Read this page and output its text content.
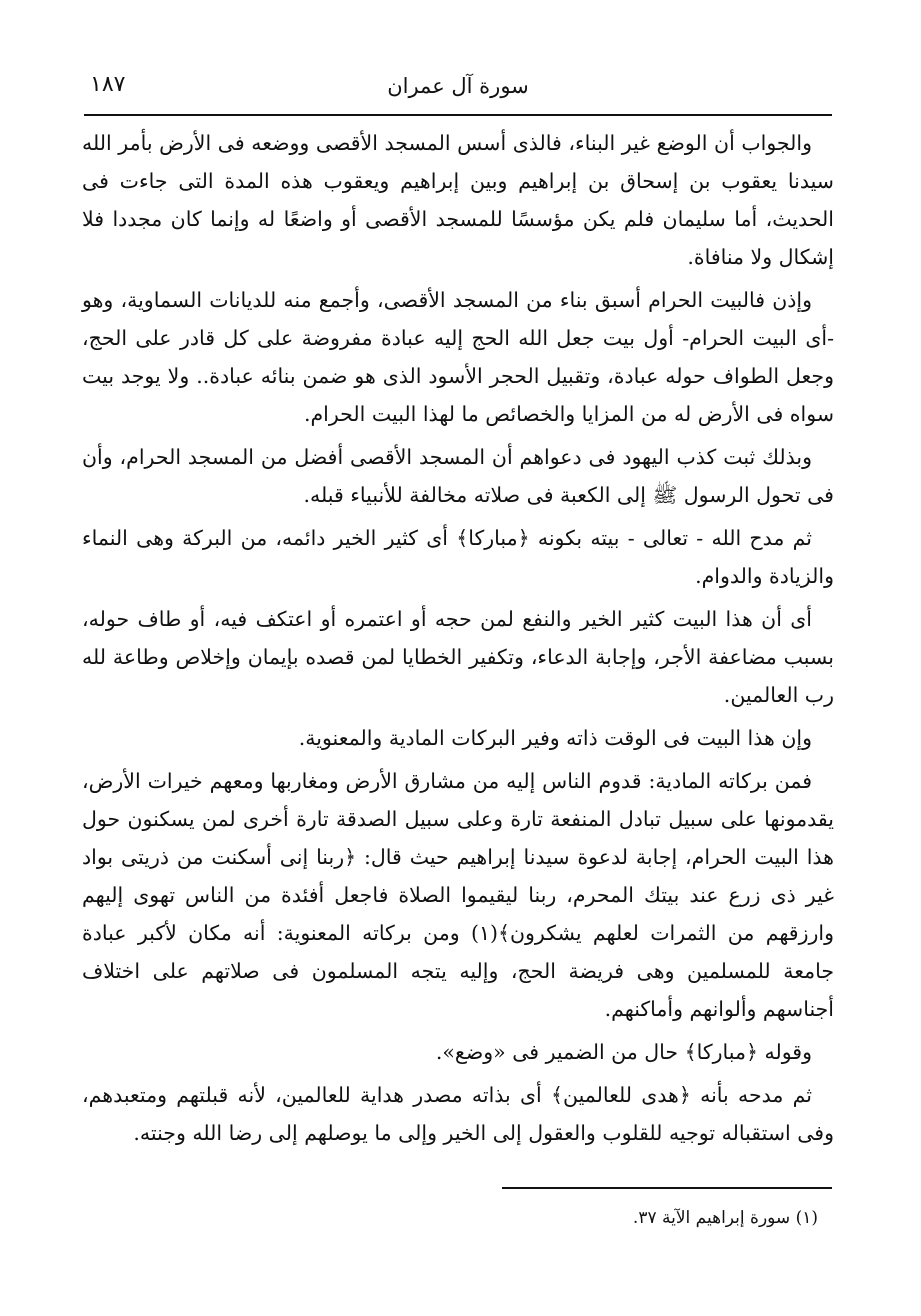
سورة آل عمران
١٨٧

والجواب أن الوضع غير البناء، فالذى أسس المسجد الأقصى ووضعه فى الأرض بأمر الله سيدنا يعقوب بن إسحاق بن إبراهيم وبين إبراهيم ويعقوب هذه المدة التى جاءت فى الحديث، أما سليمان فلم يكن مؤسسًا للمسجد الأقصى أو واضعًا له وإنما كان مجددا فلا إشكال ولا منافاة.

وإذن فالبيت الحرام أسبق بناء من المسجد الأقصى، وأجمع منه للديانات السماوية، وهو -أى البيت الحرام- أول بيت جعل الله الحج إليه عبادة مفروضة على كل قادر على الحج، وجعل الطواف حوله عبادة، وتقبيل الحجر الأسود الذى هو ضمن بنائه عبادة.. ولا يوجد بيت سواه فى الأرض له من المزايا والخصائص ما لهذا البيت الحرام.

وبذلك ثبت كذب اليهود فى دعواهم أن المسجد الأقصى أفضل من المسجد الحرام، وأن فى تحول الرسول ﷺ إلى الكعبة فى صلاته مخالفة للأنبياء قبله.

ثم مدح الله - تعالى - بيته بكونه ﴿مباركا﴾ أى كثير الخير دائمه، من البركة وهى النماء والزيادة والدوام.

أى أن هذا البيت كثير الخير والنفع لمن حجه أو اعتمره أو اعتكف فيه، أو طاف حوله، بسبب مضاعفة الأجر، وإجابة الدعاء، وتكفير الخطايا لمن قصده بإيمان وإخلاص وطاعة لله رب العالمين.

وإن هذا البيت فى الوقت ذاته وفير البركات المادية والمعنوية.

فمن بركاته المادية: قدوم الناس إليه من مشارق الأرض ومغاربها ومعهم خيرات الأرض، يقدمونها على سبيل تبادل المنفعة تارة وعلى سبيل الصدقة تارة أخرى لمن يسكنون حول هذا البيت الحرام، إجابة لدعوة سيدنا إبراهيم حيث قال: ﴿ربنا إنى أسكنت من ذريتى بواد غير ذى زرع عند بيتك المحرم، ربنا ليقيموا الصلاة فاجعل أفئدة من الناس تهوى إليهم وارزقهم من الثمرات لعلهم يشكرون﴾(١) ومن بركاته المعنوية: أنه مكان لأكبر عبادة جامعة للمسلمين وهى فريضة الحج، وإليه يتجه المسلمون فى صلاتهم على اختلاف أجناسهم وألوانهم وأماكنهم.

وقوله ﴿مباركا﴾ حال من الضمير فى «وضع».

ثم مدحه بأنه ﴿هدى للعالمين﴾ أى بذاته مصدر هداية للعالمين، لأنه قبلتهم ومتعبدهم، وفى استقباله توجيه للقلوب والعقول إلى الخير وإلى ما يوصلهم إلى رضا الله وجنته.

(١) سورة إبراهيم الآية ٣٧.
